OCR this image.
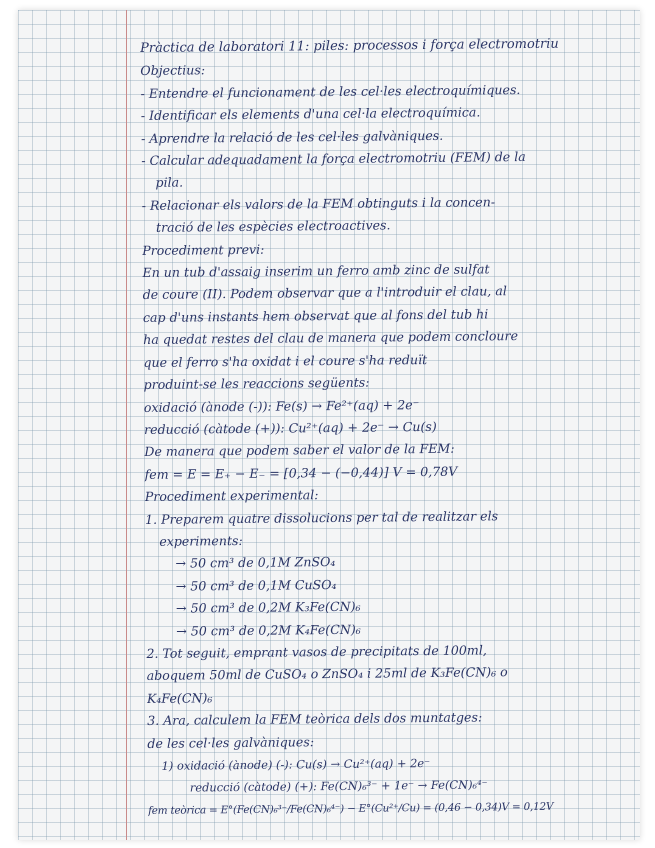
Pràctica de laboratori 11: piles: processos i força electromotriu
Objectius:
- Entendre el funcionament de les cel·les electroquímiques.
- Identificar els elements d'una cel·la electroquímica.
- Aprendre la relació de les cel·les galvàniques.
- Calcular adequadament la força electromotriu (FEM) de la
pila.
- Relacionar els valors de la FEM obtinguts i la concen-
tració de les espècies electroactives.
Procediment previ:
En un tub d'assaig inserim un ferro amb zinc de sulfat
de coure (II). Podem observar que a l'introduir el clau, al
cap d'uns instants hem observat que al fons del tub hi
ha quedat restes del clau de manera que podem concloure
que el ferro s'ha oxidat i el coure s'ha reduït
produint-se les reaccions següents:
oxidació (ànode (-)): Fe(s) → Fe²⁺(aq) + 2e⁻
reducció (càtode (+)): Cu²⁺(aq) + 2e⁻ → Cu(s)
De manera que podem saber el valor de la FEM:
fem = E = E₊ − E₋ = [0,34 − (−0,44)] V = 0,78V
Procediment experimental:
1. Preparem quatre dissolucions per tal de realitzar els
experiments:
→ 50 cm³ de 0,1M ZnSO₄
→ 50 cm³ de 0,1M CuSO₄
→ 50 cm³ de 0,2M K₃Fe(CN)₆
→ 50 cm³ de 0,2M K₄Fe(CN)₆
2. Tot seguit, emprant vasos de precipitats de 100ml,
aboquem 50ml de CuSO₄ o ZnSO₄ i 25ml de K₃Fe(CN)₆ o
K₄Fe(CN)₆
3. Ara, calculem la FEM teòrica dels dos muntatges:
de les cel·les galvàniques:
1) oxidació (ànode) (-): Cu(s) → Cu²⁺(aq) + 2e⁻
reducció (càtode) (+): Fe(CN)₆³⁻ + 1e⁻ → Fe(CN)₆⁴⁻
fem teòrica = E°(Fe(CN)₆³⁻/Fe(CN)₆⁴⁻) − E°(Cu²⁺/Cu) = (0,46 − 0,34)V = 0,12V
